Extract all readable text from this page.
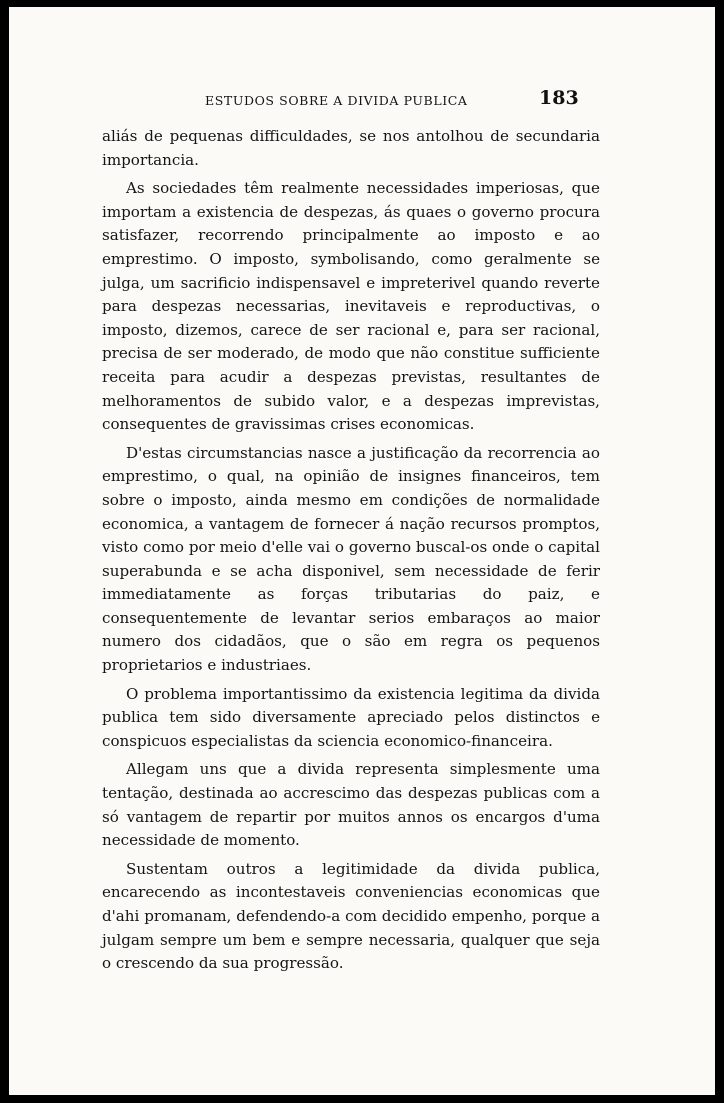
ESTUDOS SOBRE A DIVIDA PUBLICA	183

aliás de pequenas difficuldades, se nos antolhou de secundaria importancia.

As sociedades têm realmente necessidades imperiosas, que importam a existencia de despezas, ás quaes o governo procura satisfazer, recorrendo principalmente ao imposto e ao emprestimo. O imposto, symbolisando, como geralmente se julga, um sacrificio indispensavel e impreterivel quando reverte para despezas necessarias, inevitaveis e reproductivas, o imposto, dizemos, carece de ser racional e, para ser racional, precisa de ser moderado, de modo que não constitue sufficiente receita para acudir a despezas previstas, resultantes de melhoramentos de subido valor, e a despezas imprevistas, consequentes de gravissimas crises economicas.

D'estas circumstancias nasce a justificação da recorrencia ao emprestimo, o qual, na opinião de insignes financeiros, tem sobre o imposto, ainda mesmo em condições de normalidade economica, a vantagem de fornecer á nação recursos promptos, visto como por meio d'elle vai o governo buscal-os onde o capital superabunda e se acha disponivel, sem necessidade de ferir immediatamente as forças tributarias do paiz, e consequentemente de levantar serios embaraços ao maior numero dos cidadãos, que o são em regra os pequenos proprietarios e industriaes.

O problema importantissimo da existencia legitima da divida publica tem sido diversamente apreciado pelos distinctos e conspicuos especialistas da sciencia economico-financeira.

Allegam uns que a divida representa simplesmente uma tentação, destinada ao accrescimo das despezas publicas com a só vantagem de repartir por muitos annos os encargos d'uma necessidade de momento.

Sustentam outros a legitimidade da divida publica, encarecendo as incontestaveis conveniencias economicas que d'ahi promanam, defendendo-a com decidido empenho, porque a julgam sempre um bem e sempre necessaria, qualquer que seja o crescendo da sua progressão.
